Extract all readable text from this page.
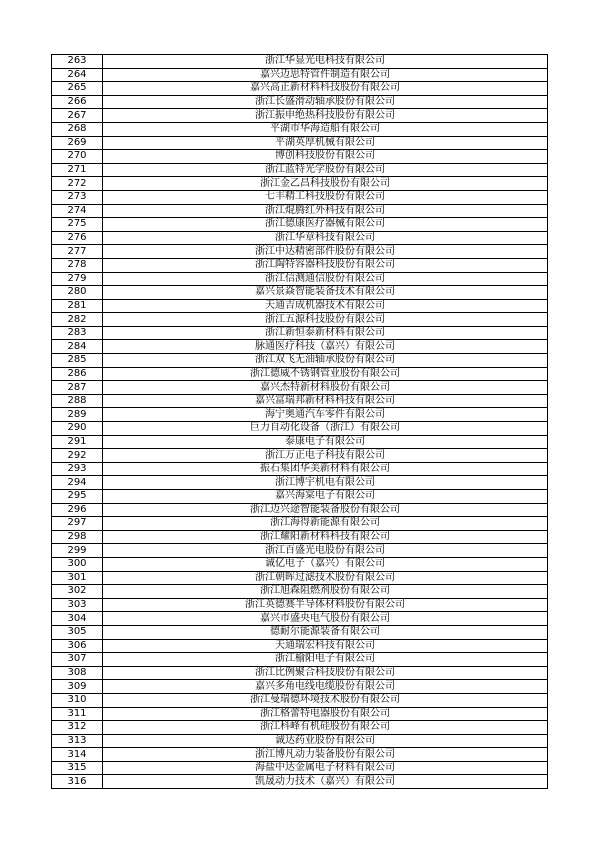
263	浙江华显光电科技有限公司
264	嘉兴迈思特管件制造有限公司
265	嘉兴高正新材料科技股份有限公司
266	浙江长盛滑动轴承股份有限公司
267	浙江振申绝热科技股份有限公司
268	平湖市华海造船有限公司
269	平湖英厚机械有限公司
270	博创科技股份有限公司
271	浙江蓝特光学股份有限公司
272	浙江金乙昌科技股份有限公司
273	七丰精工科技股份有限公司
274	浙江焜腾红外科技有限公司
275	浙江德康医疗器械有限公司
276	浙江华章科技有限公司
277	浙江中达精密部件股份有限公司
278	浙江陶特容器科技股份有限公司
279	浙江信测通信股份有限公司
280	嘉兴景焱智能装备技术有限公司
281	天通吉成机器技术有限公司
282	浙江五源科技股份有限公司
283	浙江新恒泰新材料有限公司
284	脉通医疗科技（嘉兴）有限公司
285	浙江双飞无油轴承股份有限公司
286	浙江德威不锈钢管业股份有限公司
287	嘉兴杰特新材料股份有限公司
288	嘉兴富瑞邦新材料科技有限公司
289	海宁奥通汽车零件有限公司
290	巨力自动化设备（浙江）有限公司
291	泰康电子有限公司
292	浙江万正电子科技有限公司
293	振石集团华美新材料有限公司
294	浙江博宇机电有限公司
295	嘉兴海棠电子有限公司
296	浙江迈兴途智能装备股份有限公司
297	浙江海得新能源有限公司
298	浙江耀阳新材料科技有限公司
299	浙江百盛光电股份有限公司
300	诚亿电子（嘉兴）有限公司
301	浙江朝晖过滤技术股份有限公司
302	浙江旭森阻燃剂股份有限公司
303	浙江英德赛半导体材料股份有限公司
304	嘉兴市盛央电气股份有限公司
305	德耐尔能源装备有限公司
306	天通瑞宏科技有限公司
307	浙江榆阳电子有限公司
308	浙江比例聚合科技股份有限公司
309	嘉兴多角电线电缆股份有限公司
310	浙江曼瑞德环境技术股份有限公司
311	浙江格蕾特电器股份有限公司
312	浙江科峰有机硅股份有限公司
313	诚达药业股份有限公司
314	浙江博凡动力装备股份有限公司
315	海盐中达金属电子材料有限公司
316	凯晟动力技术（嘉兴）有限公司
